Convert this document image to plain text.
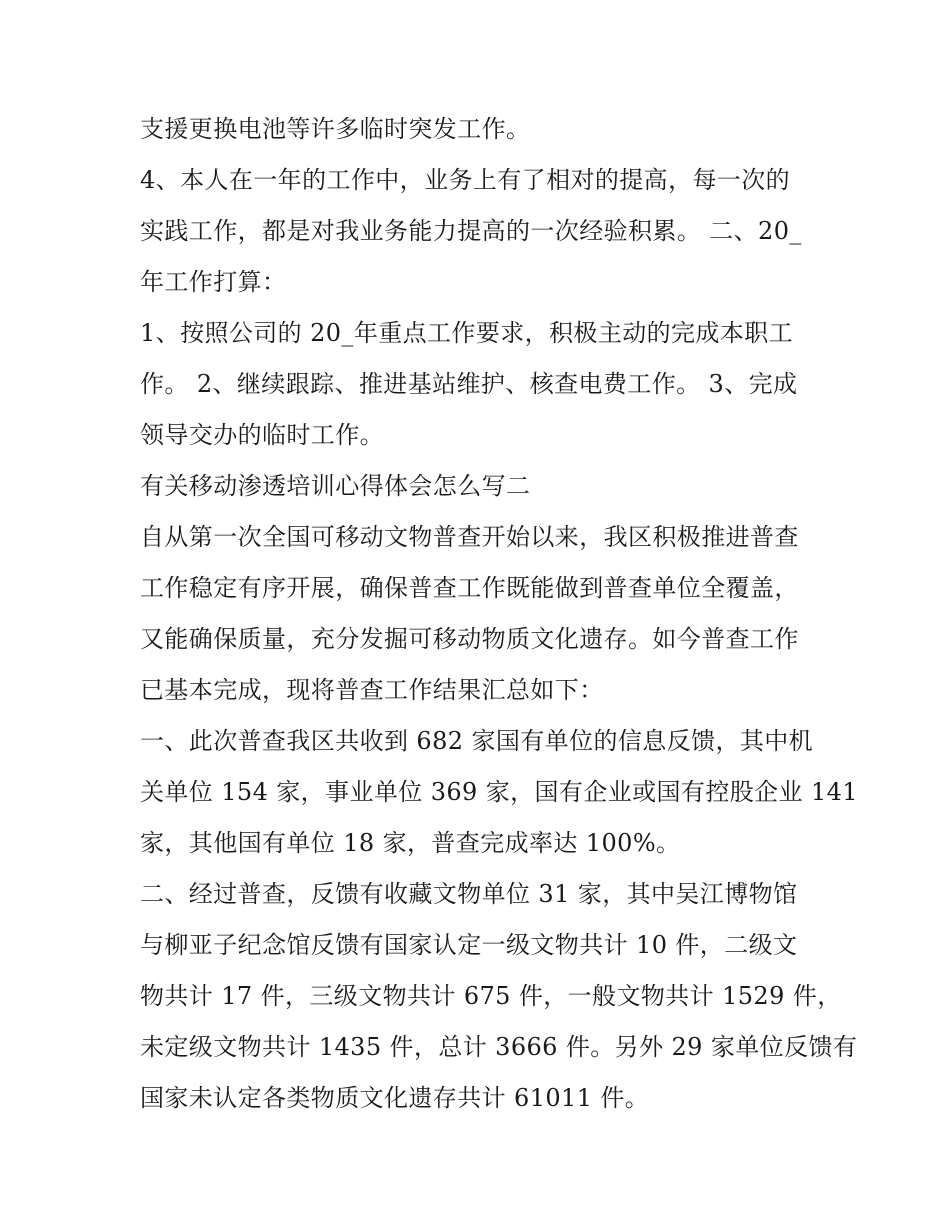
支援更换电池等许多临时突发工作。
4、本人在一年的工作中，业务上有了相对的提高，每一次的
实践工作，都是对我业务能力提高的一次经验积累。 二、20_
年工作打算：
1、按照公司的 20_年重点工作要求，积极主动的完成本职工
作。 2、继续跟踪、推进基站维护、核查电费工作。 3、完成
领导交办的临时工作。
有关移动渗透培训心得体会怎么写二
自从第一次全国可移动文物普查开始以来，我区积极推进普查
工作稳定有序开展，确保普查工作既能做到普查单位全覆盖，
又能确保质量，充分发掘可移动物质文化遗存。如今普查工作
已基本完成，现将普查工作结果汇总如下：
一、此次普查我区共收到 682 家国有单位的信息反馈，其中机
关单位 154 家，事业单位 369 家，国有企业或国有控股企业 141
家，其他国有单位 18 家，普查完成率达 100%。
二、经过普查，反馈有收藏文物单位 31 家，其中吴江博物馆
与柳亚子纪念馆反馈有国家认定一级文物共计 10 件，二级文
物共计 17 件，三级文物共计 675 件，一般文物共计 1529 件，
未定级文物共计 1435 件，总计 3666 件。另外 29 家单位反馈有
国家未认定各类物质文化遗存共计 61011 件。
